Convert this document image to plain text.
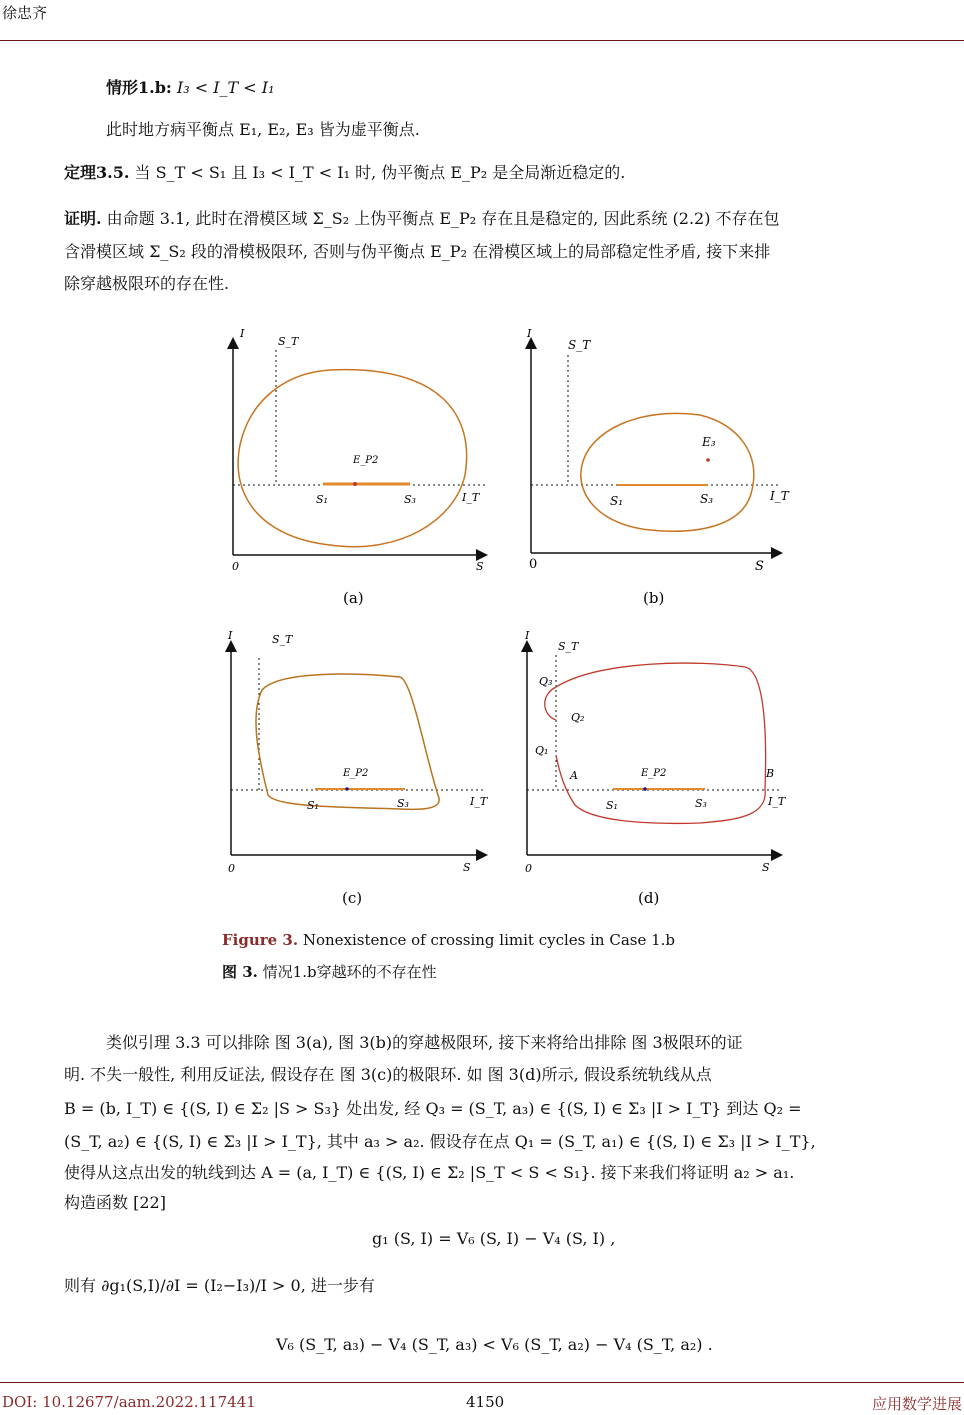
徐忠齐
情形1.b: I₃ < I_T < I₁
此时地方病平衡点 E₁, E₂, E₃ 皆为虚平衡点.
定理3.5. 当 S_T < S₁ 且 I₃ < I_T < I₁ 时, 伪平衡点 E_P₂ 是全局渐近稳定的.
证明. 由命题 3.1, 此时在滑模区域 Σ_S₂ 上伪平衡点 E_P₂ 存在且是稳定的, 因此系统 (2.2) 不存在包
含滑模区域 Σ_S₂ 段的滑模极限环, 否则与伪平衡点 E_P₂ 在滑模区域上的局部稳定性矛盾, 接下来排
除穿越极限环的存在性.
I
S
0
S_T
E_P2
S₁	S₃	I_T
(a)
I
S
0
S_T
E₃
S₁	S₃	I_T
(b)
I
S
0
S_T
E_P2
S₁	S₃	I_T
(c)
I
S
0
S_T
Q₃
Q₂
Q₁
A	B
E_P2
S₁	S₃	I_T
(d)
Figure 3. Nonexistence of crossing limit cycles in Case 1.b
图 3. 情况1.b穿越环的不存在性
类似引理 3.3 可以排除 图 3(a), 图 3(b)的穿越极限环, 接下来将给出排除 图 3极限环的证
明. 不失一般性, 利用反证法, 假设存在 图 3(c)的极限环. 如 图 3(d)所示, 假设系统轨线从点
B = (b, I_T) ∈ {(S, I) ∈ Σ₂ |S > S₃} 处出发, 经 Q₃ = (S_T, a₃) ∈ {(S, I) ∈ Σ₃ |I > I_T} 到达 Q₂ =
(S_T, a₂) ∈ {(S, I) ∈ Σ₃ |I > I_T}, 其中 a₃ > a₂. 假设存在点 Q₁ = (S_T, a₁) ∈ {(S, I) ∈ Σ₃ |I > I_T},
使得从这点出发的轨线到达 A = (a, I_T) ∈ {(S, I) ∈ Σ₂ |S_T < S < S₁}. 接下来我们将证明 a₂ > a₁.
构造函数 [22]
g₁ (S, I) = V₆ (S, I) − V₄ (S, I) ,
则有 ∂g₁(S,I)/∂I = (I₂−I₃)/I > 0, 进一步有
V₆ (S_T, a₃) − V₄ (S_T, a₃) < V₆ (S_T, a₂) − V₄ (S_T, a₂) .
DOI: 10.12677/aam.2022.117441	4150	应用数学进展
